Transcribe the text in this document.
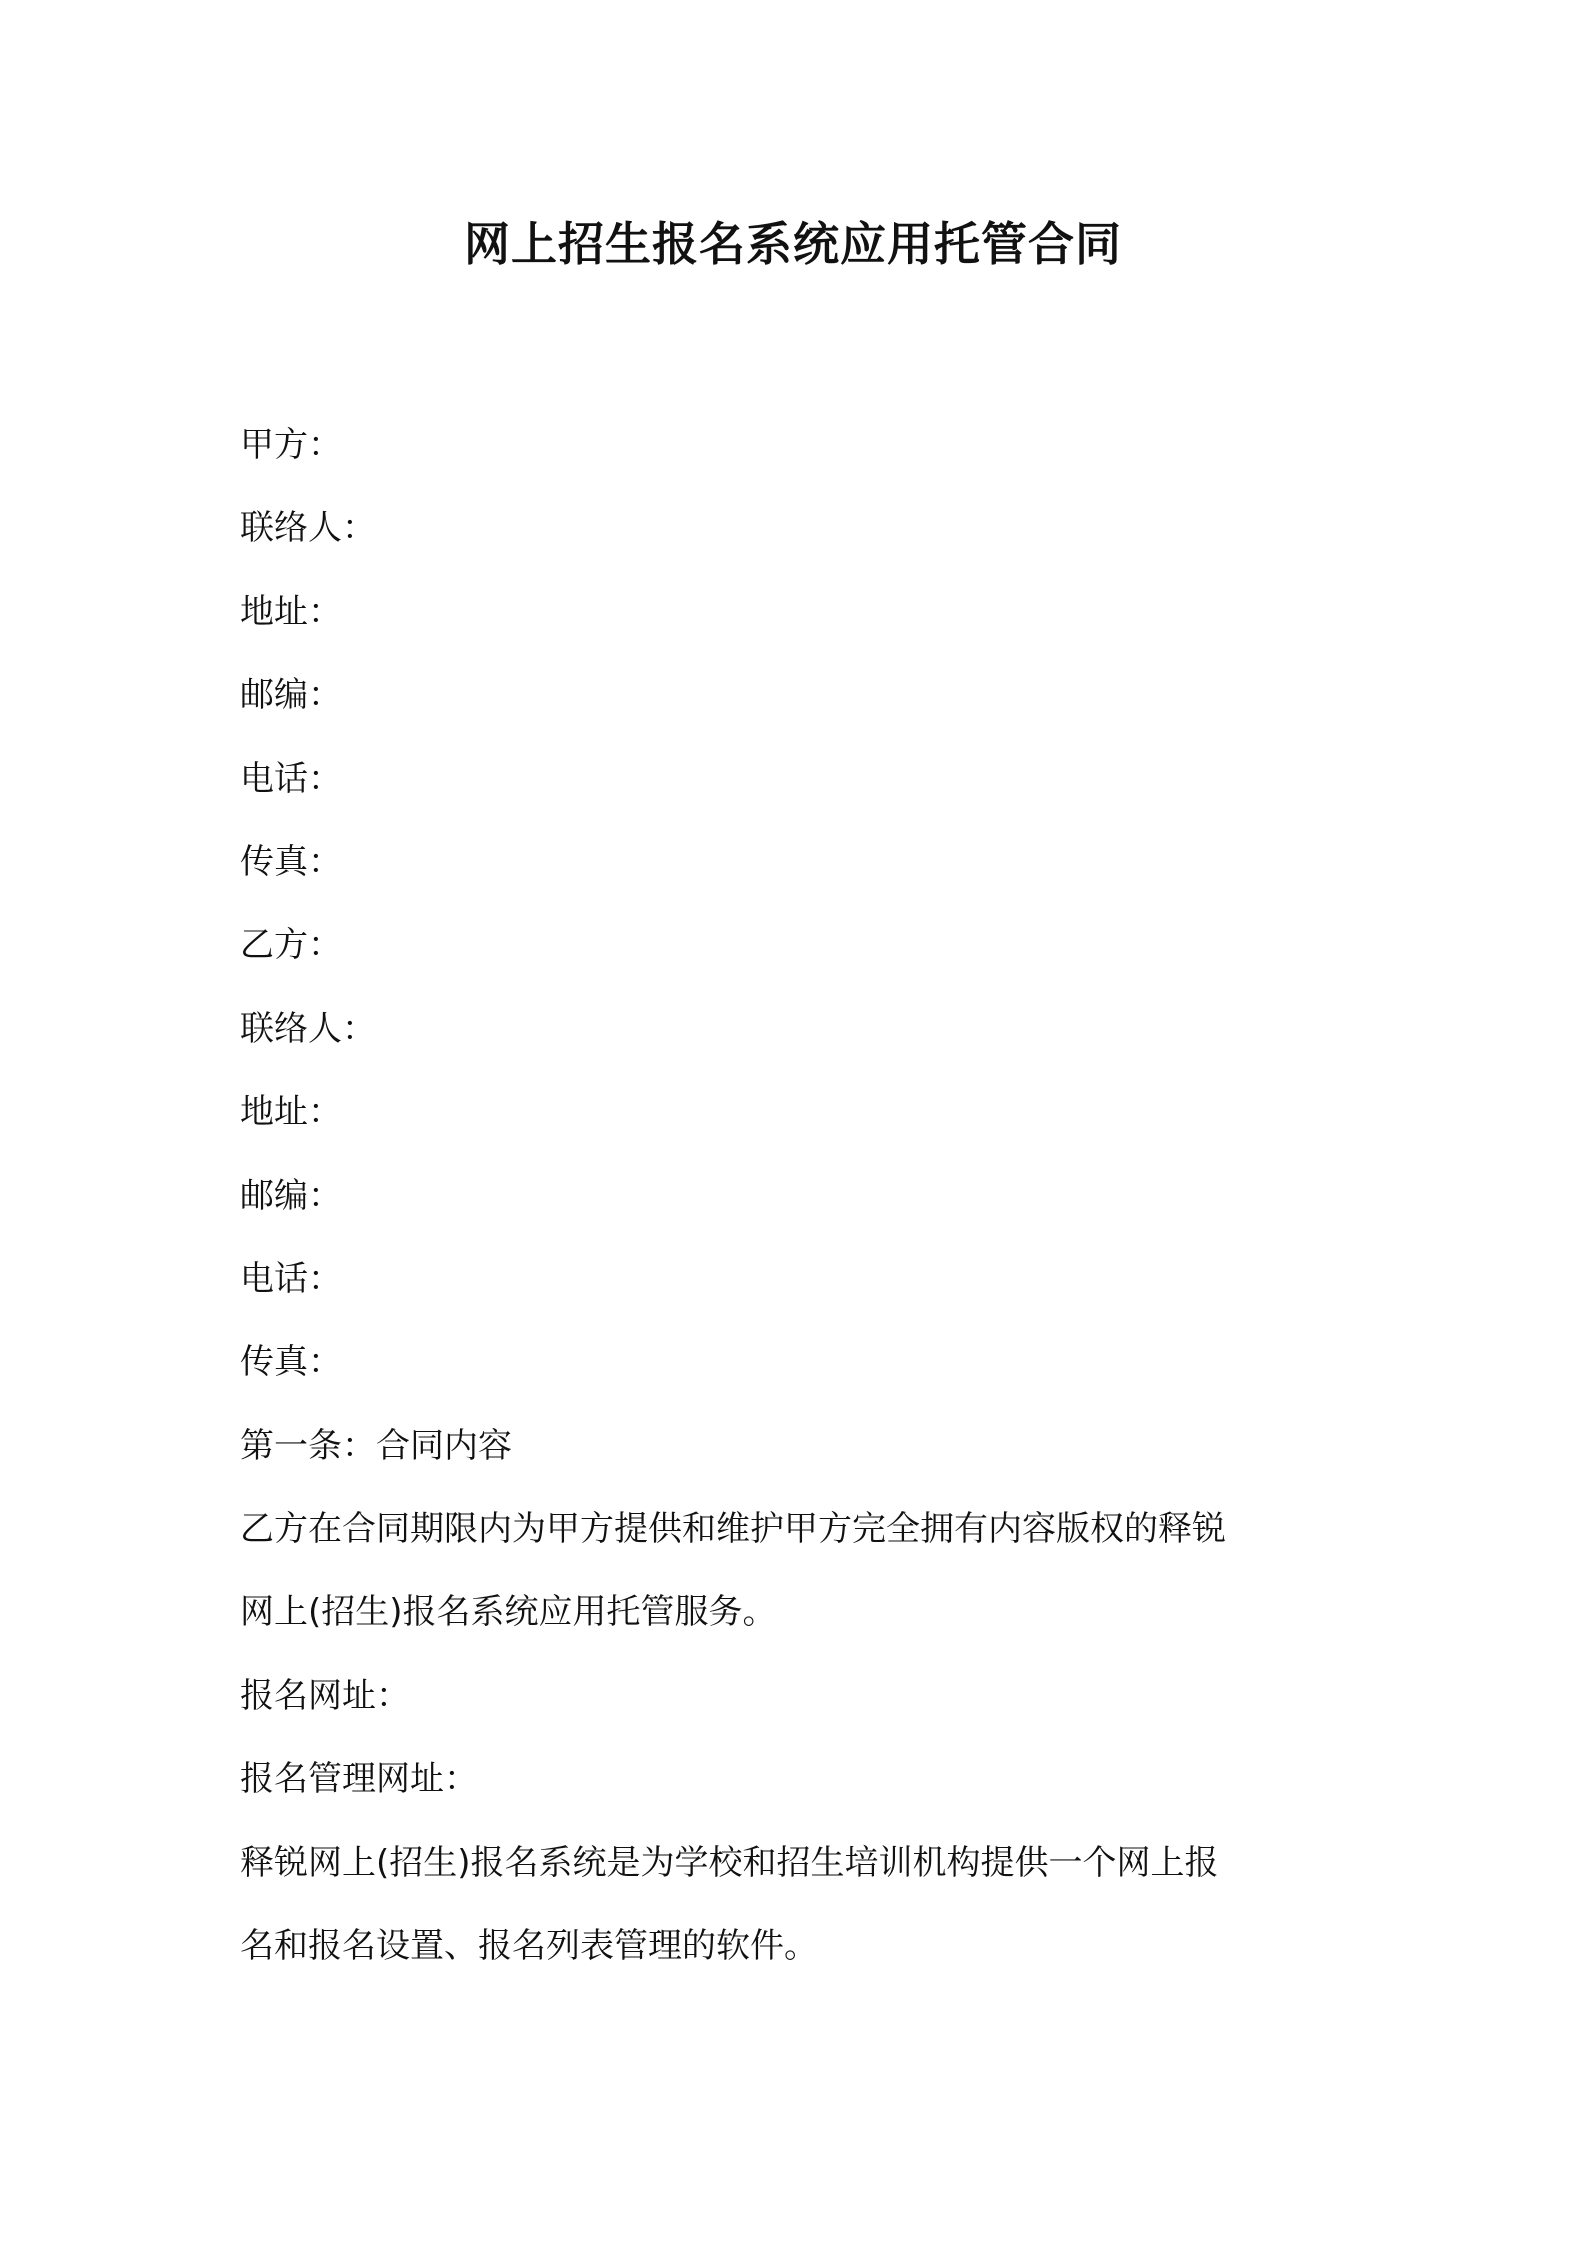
网上招生报名系统应用托管合同
甲方：
联络人：
地址：
邮编：
电话：
传真：
乙方：
联络人：
地址：
邮编：
电话：
传真：
第一条：合同内容
乙方在合同期限内为甲方提供和维护甲方完全拥有内容版权的释锐
网上(招生)报名系统应用托管服务。
报名网址：
报名管理网址：
释锐网上(招生)报名系统是为学校和招生培训机构提供一个网上报
名和报名设置、报名列表管理的软件。
